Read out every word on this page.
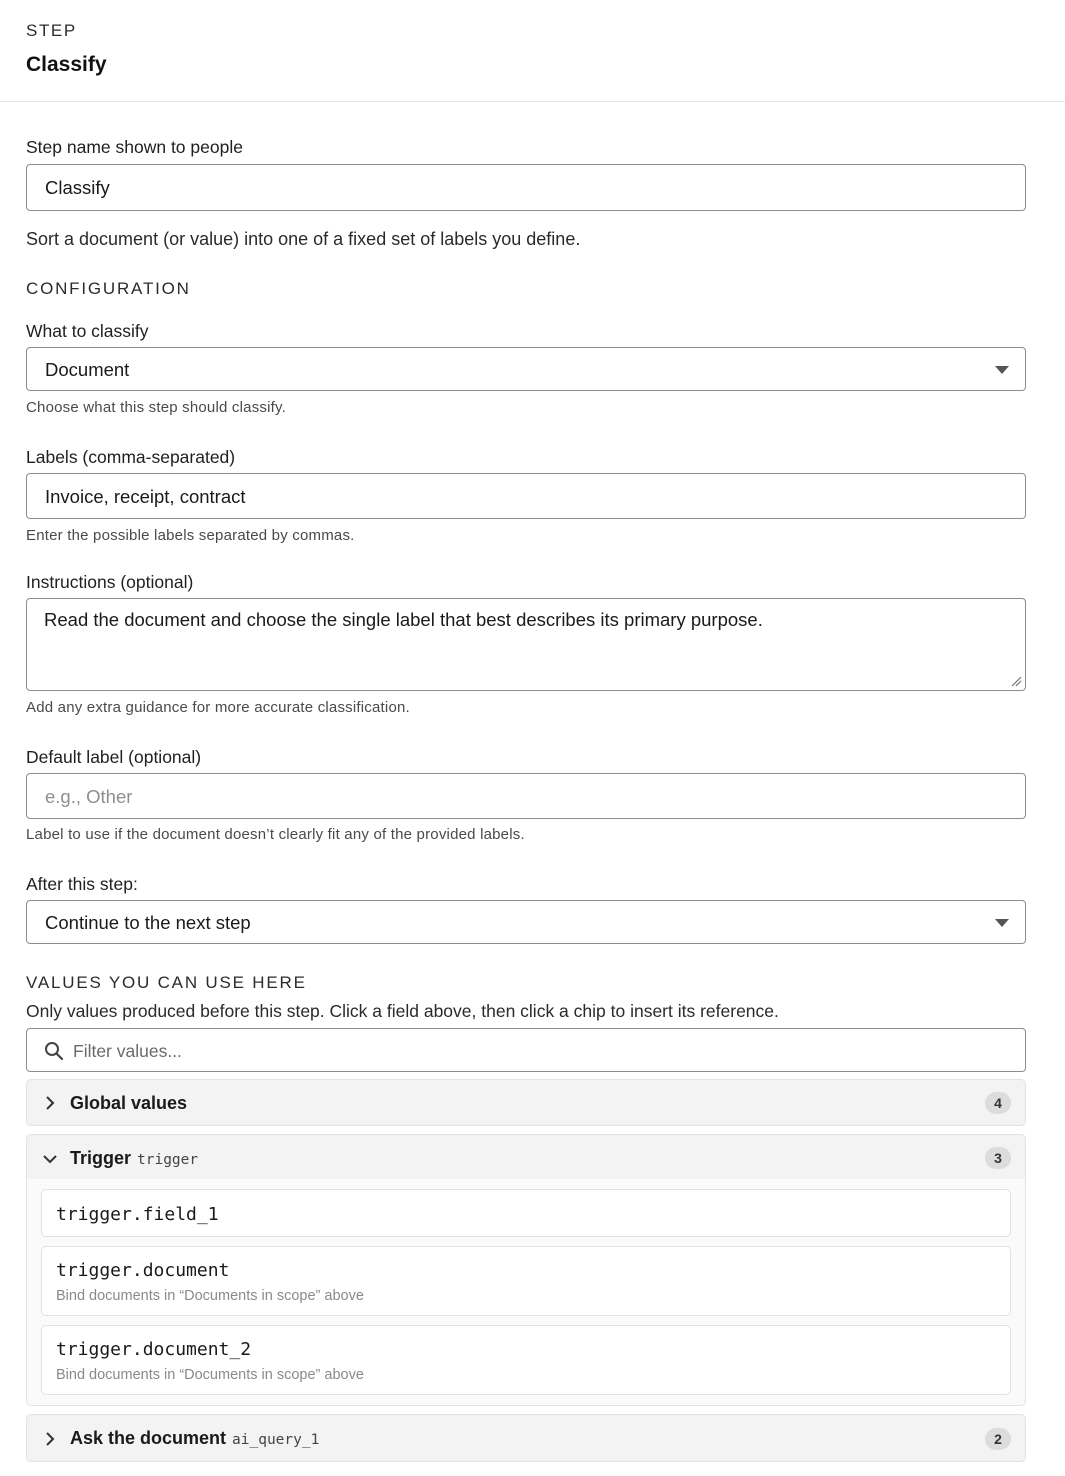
STEP
Classify
Step name shown to people
Classify
Sort a document (or value) into one of a fixed set of labels you define.
CONFIGURATION
What to classify
Document
Choose what this step should classify.
Labels (comma-separated)
Invoice, receipt, contract
Enter the possible labels separated by commas.
Instructions (optional)
Read the document and choose the single label that best describes its primary purpose.
Add any extra guidance for more accurate classification.
Default label (optional)
e.g., Other
Label to use if the document doesn’t clearly fit any of the provided labels.
After this step:
Continue to the next step
VALUES YOU CAN USE HERE
Only values produced before this step. Click a field above, then click a chip to insert its reference.
Filter values...
Global values	4
Trigger trigger	3
trigger.field_1
trigger.document
Bind documents in “Documents in scope” above
trigger.document_2
Bind documents in “Documents in scope” above
Ask the document ai_query_1	2
